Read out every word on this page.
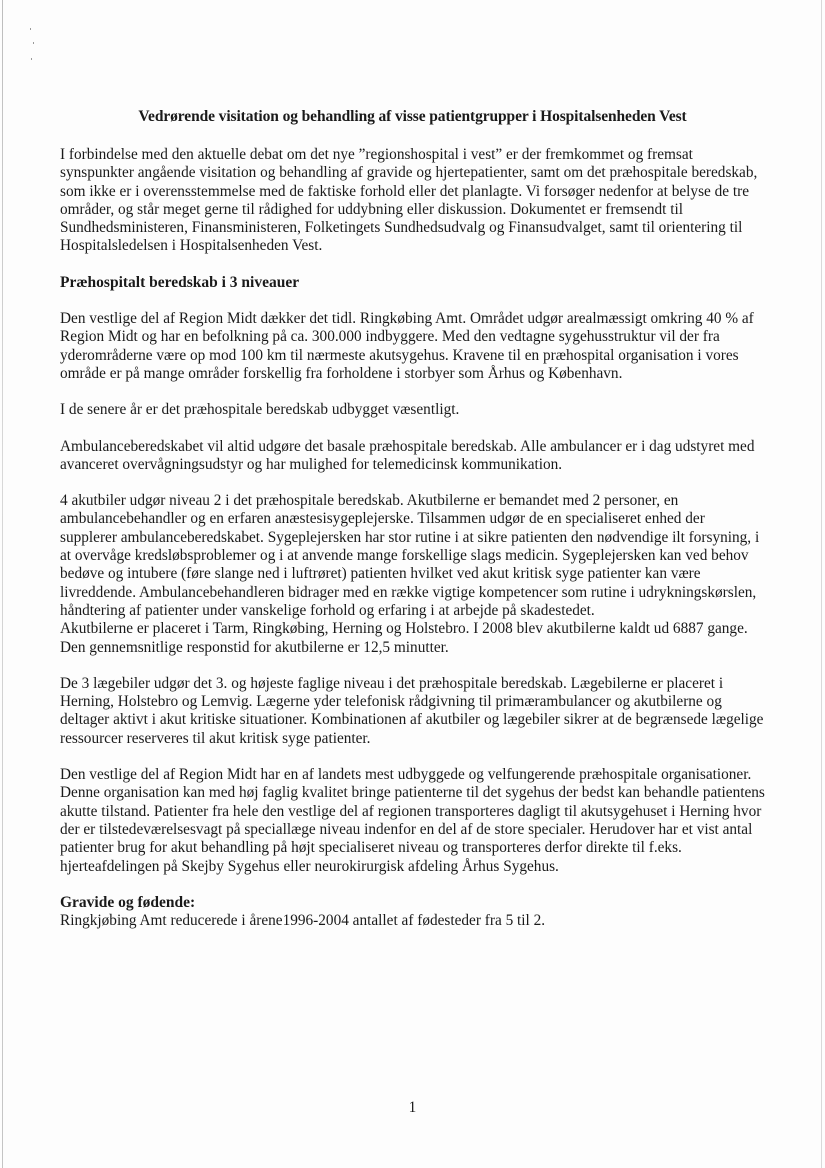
Vedrørende visitation og behandling af visse patientgrupper i Hospitalsenheden Vest

I forbindelse med den aktuelle debat om det nye ”regionshospital i vest” er der fremkommet og fremsat synspunkter angående visitation og behandling af gravide og hjertepatienter, samt om det præhospitale beredskab, som ikke er i overensstemmelse med de faktiske forhold eller det planlagte. Vi forsøger nedenfor at belyse de tre områder, og står meget gerne til rådighed for uddybning eller diskussion. Dokumentet er fremsendt til Sundhedsministeren, Finansministeren, Folketingets Sundhedsudvalg og Finansudvalget, samt til orientering til Hospitalsledelsen i Hospitalsenheden Vest.

Præhospitalt beredskab i 3 niveauer

Den vestlige del af Region Midt dækker det tidl. Ringkøbing Amt. Området udgør arealmæssigt omkring 40 % af Region Midt og har en befolkning på ca. 300.000 indbyggere. Med den vedtagne sygehusstruktur vil der fra yderområderne være op mod 100 km til nærmeste akutsygehus. Kravene til en præhospital organisation i vores område er på mange områder forskellig fra forholdene i storbyer som Århus og København.

I de senere år er det præhospitale beredskab udbygget væsentligt.

Ambulanceberedskabet vil altid udgøre det basale præhospitale beredskab. Alle ambulancer er i dag udstyret med avanceret overvågningsudstyr og har mulighed for telemedicinsk kommunikation.

4 akutbiler udgør niveau 2 i det præhospitale beredskab. Akutbilerne er bemandet med 2 personer, en ambulancebehandler og en erfaren anæstesisygeplejerske. Tilsammen udgør de en specialiseret enhed der supplerer ambulanceberedskabet. Sygeplejersken har stor rutine i at sikre patienten den nødvendige ilt forsyning, i at overvåge kredsløbsproblemer og i at anvende mange forskellige slags medicin. Sygeplejersken kan ved behov bedøve og intubere (føre slange ned i luftrøret) patienten hvilket ved akut kritisk syge patienter kan være livreddende. Ambulancebehandleren bidrager med en række vigtige kompetencer som rutine i udrykningskørslen, håndtering af patienter under vanskelige forhold og erfaring i at arbejde på skadestedet.

Akutbilerne er placeret i Tarm, Ringkøbing, Herning og Holstebro. I 2008 blev akutbilerne kaldt ud 6887 gange. Den gennemsnitlige responstid for akutbilerne er 12,5 minutter.

De 3 lægebiler udgør det 3. og højeste faglige niveau i det præhospitale beredskab. Lægebilerne er placeret i Herning, Holstebro og Lemvig. Lægerne yder telefonisk rådgivning til primærambulancer og akutbilerne og deltager aktivt i akut kritiske situationer. Kombinationen af akutbiler og lægebiler sikrer at de begrænsede lægelige ressourcer reserveres til akut kritisk syge patienter.

Den vestlige del af Region Midt har en af landets mest udbyggede og velfungerende præhospitale organisationer. Denne organisation kan med høj faglig kvalitet bringe patienterne til det sygehus der bedst kan behandle patientens akutte tilstand. Patienter fra hele den vestlige del af regionen transporteres dagligt til akutsygehuset i Herning hvor der er tilstedeværelsesvagt på speciallæge niveau indenfor en del af de store specialer. Herudover har et vist antal patienter brug for akut behandling på højt specialiseret niveau og transporteres derfor direkte til f.eks. hjerteafdelingen på Skejby Sygehus eller neurokirurgisk afdeling Århus Sygehus.

Gravide og fødende:

Ringkjøbing Amt reducerede i årene1996-2004 antallet af fødesteder fra 5 til 2.

1
